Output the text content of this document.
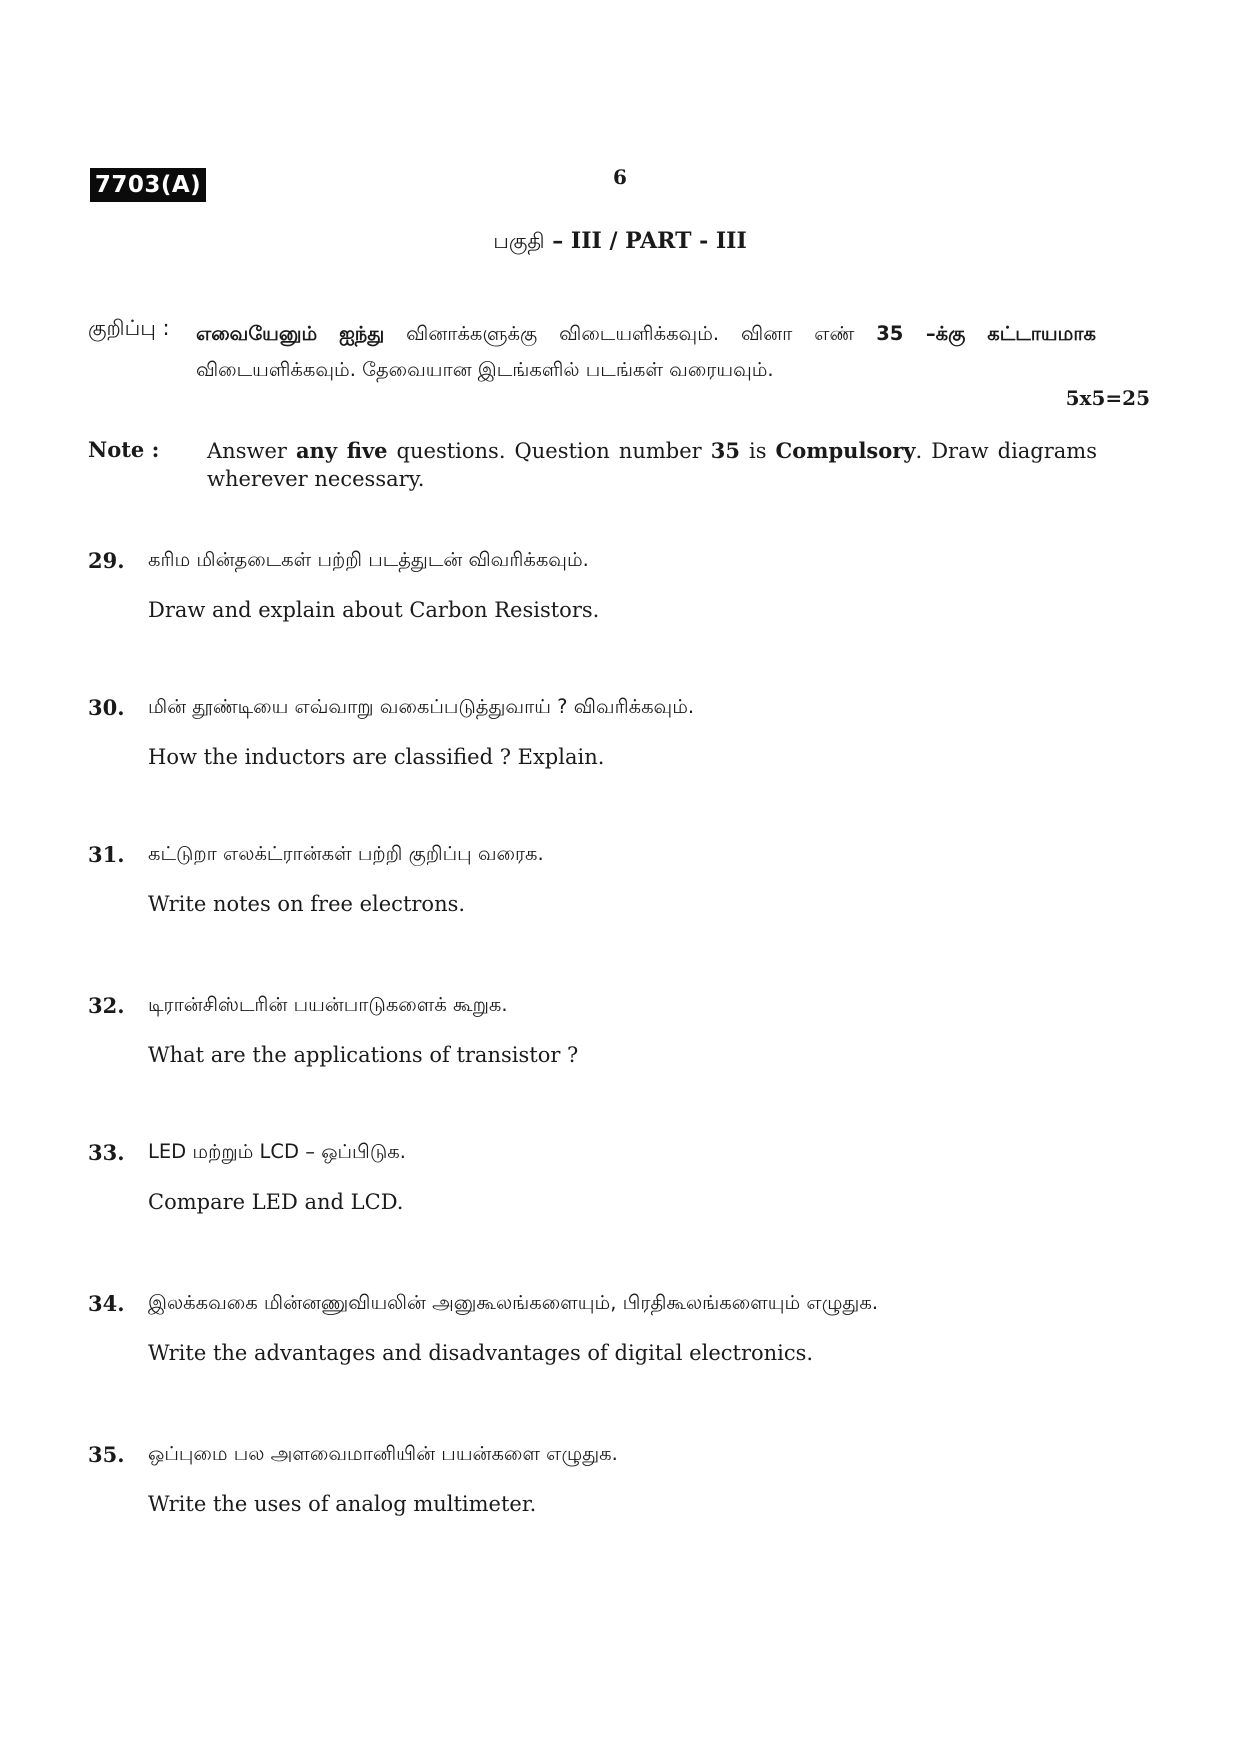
7703(A)	6
பகுதி – III / PART - III
குறிப்பு : எவையேனும் ஐந்து வினாக்களுக்கு விடையளிக்கவும். வினா எண் 35 –க்கு கட்டாயமாக விடையளிக்கவும். தேவையான இடங்களில் படங்கள் வரையவும்.
5x5=25
Note : Answer any five questions. Question number 35 is Compulsory. Draw diagrams wherever necessary.
29. கரிம மின்தடைகள் பற்றி படத்துடன் விவரிக்கவும்.
Draw and explain about Carbon Resistors.
30. மின் தூண்டியை எவ்வாறு வகைப்படுத்துவாய் ? விவரிக்கவும்.
How the inductors are classified ? Explain.
31. கட்டுறா எலக்ட்ரான்கள் பற்றி குறிப்பு வரைக.
Write notes on free electrons.
32. டிரான்சிஸ்டரின் பயன்பாடுகளைக் கூறுக.
What are the applications of transistor ?
33. LED மற்றும் LCD – ஒப்பிடுக.
Compare LED and LCD.
34. இலக்கவகை மின்னணுவியலின் அனுகூலங்களையும், பிரதிகூலங்களையும் எழுதுக.
Write the advantages and disadvantages of digital electronics.
35. ஒப்புமை பல அளவைமானியின் பயன்களை எழுதுக.
Write the uses of analog multimeter.
